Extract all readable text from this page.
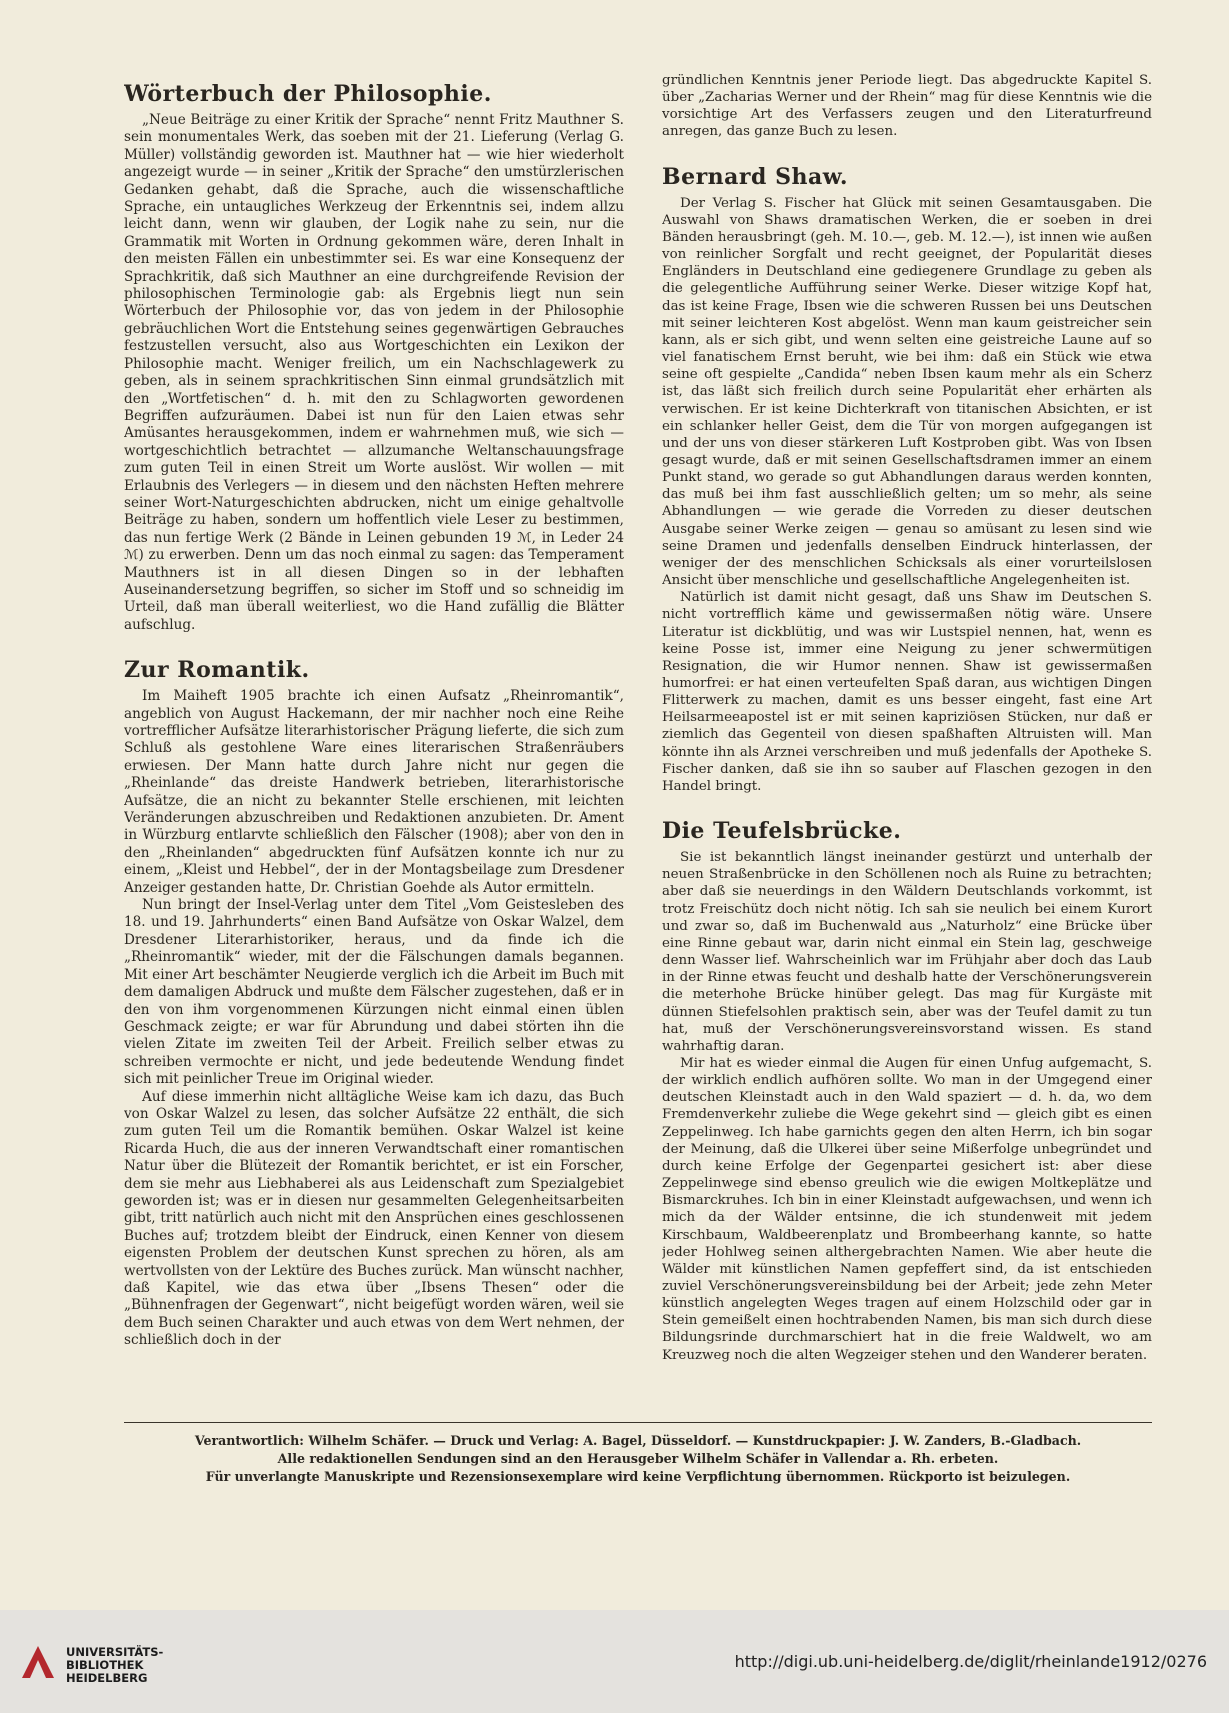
Wörterbuch der Philosophie.

S.
„Neue Beiträge zu einer Kritik der Sprache“ nennt Fritz Mauthner sein monumentales Werk, das soeben mit der 21. Lieferung (Verlag G. Müller) vollständig geworden ist. Mauthner hat — wie hier wiederholt angezeigt wurde — in seiner „Kritik der Sprache“ den umstürzlerischen Gedanken gehabt, daß die Sprache, auch die wissenschaftliche Sprache, ein untaugliches Werkzeug der Erkenntnis sei, indem allzu leicht dann, wenn wir glauben, der Logik nahe zu sein, nur die Grammatik mit Worten in Ordnung gekommen wäre, deren Inhalt in den meisten Fällen ein unbestimmter sei. Es war eine Konsequenz der Sprachkritik, daß sich Mauthner an eine durchgreifende Revision der philosophischen Terminologie gab: als Ergebnis liegt nun sein Wörterbuch der Philosophie vor, das von jedem in der Philosophie gebräuchlichen Wort die Entstehung seines gegenwärtigen Gebrauches festzustellen versucht, also aus Wortgeschichten ein Lexikon der Philosophie macht. Weniger freilich, um ein Nachschlagewerk zu geben, als in seinem sprachkritischen Sinn einmal grundsätzlich mit den „Wortfetischen“ d. h. mit den zu Schlagworten gewordenen Begriffen aufzuräumen. Dabei ist nun für den Laien etwas sehr Amüsantes herausgekommen, indem er wahrnehmen muß, wie sich — wortgeschichtlich betrachtet — allzumanche Weltanschauungsfrage zum guten Teil in einen Streit um Worte auslöst. Wir wollen — mit Erlaubnis des Verlegers — in diesem und den nächsten Heften mehrere seiner Wort-Naturgeschichten abdrucken, nicht um einige gehaltvolle Beiträge zu haben, sondern um hoffentlich viele Leser zu bestimmen, das nun fertige Werk (2 Bände in Leinen gebunden 19 ℳ, in Leder 24 ℳ) zu erwerben. Denn um das noch einmal zu sagen: das Temperament Mauthners ist in all diesen Dingen so in der lebhaften Auseinandersetzung begriffen, so sicher im Stoff und so schneidig im Urteil, daß man überall weiterliest, wo die Hand zufällig die Blätter aufschlug.

Zur Romantik.

Im Maiheft 1905 brachte ich einen Aufsatz „Rheinromantik“, angeblich von August Hackemann, der mir nachher noch eine Reihe vortrefflicher Aufsätze literarhistorischer Prägung lieferte, die sich zum Schluß als gestohlene Ware eines literarischen Straßenräubers erwiesen. Der Mann hatte durch Jahre nicht nur gegen die „Rheinlande“ das dreiste Handwerk betrieben, literarhistorische Aufsätze, die an nicht zu bekannter Stelle erschienen, mit leichten Veränderungen abzuschreiben und Redaktionen anzubieten. Dr. Ament in Würzburg entlarvte schließlich den Fälscher (1908); aber von den in den „Rheinlanden“ abgedruckten fünf Aufsätzen konnte ich nur zu einem, „Kleist und Hebbel“, der in der Montagsbeilage zum Dresdener Anzeiger gestanden hatte, Dr. Christian Goehde als Autor ermitteln.

Nun bringt der Insel-Verlag unter dem Titel „Vom Geistesleben des 18. und 19. Jahrhunderts“ einen Band Aufsätze von Oskar Walzel, dem Dresdener Literarhistoriker, heraus, und da finde ich die „Rheinromantik“ wieder, mit der die Fälschungen damals begannen. Mit einer Art beschämter Neugierde verglich ich die Arbeit im Buch mit dem damaligen Abdruck und mußte dem Fälscher zugestehen, daß er in den von ihm vorgenommenen Kürzungen nicht einmal einen üblen Geschmack zeigte; er war für Abrundung und dabei störten ihn die vielen Zitate im zweiten Teil der Arbeit. Freilich selber etwas zu schreiben vermochte er nicht, und jede bedeutende Wendung findet sich mit peinlicher Treue im Original wieder.

Auf diese immerhin nicht alltägliche Weise kam ich dazu, das Buch von Oskar Walzel zu lesen, das solcher Aufsätze 22 enthält, die sich zum guten Teil um die Romantik bemühen. Oskar Walzel ist keine Ricarda Huch, die aus der inneren Verwandtschaft einer romantischen Natur über die Blütezeit der Romantik berichtet, er ist ein Forscher, dem sie mehr aus Liebhaberei als aus Leidenschaft zum Spezialgebiet geworden ist; was er in diesen nur gesammelten Gelegenheitsarbeiten gibt, tritt natürlich auch nicht mit den Ansprüchen eines geschlossenen Buches auf; trotzdem bleibt der Eindruck, einen Kenner von diesem eigensten Problem der deutschen Kunst sprechen zu hören, als am wertvollsten von der Lektüre des Buches zurück. Man wünscht nachher, daß Kapitel, wie das etwa über „Ibsens Thesen“ oder die „Bühnenfragen der Gegenwart“, nicht beigefügt worden wären, weil sie dem Buch seinen Charakter und auch etwas von dem Wert nehmen, der schließlich doch in der

S.
gründlichen Kenntnis jener Periode liegt. Das abgedruckte Kapitel über „Zacharias Werner und der Rhein“ mag für diese Kenntnis wie die vorsichtige Art des Verfassers zeugen und den Literaturfreund anregen, das ganze Buch zu lesen.

Bernard Shaw.

Der Verlag S. Fischer hat Glück mit seinen Gesamtausgaben. Die Auswahl von Shaws dramatischen Werken, die er soeben in drei Bänden herausbringt (geh. M. 10.—, geb. M. 12.—), ist innen wie außen von reinlicher Sorgfalt und recht geeignet, der Popularität dieses Engländers in Deutschland eine gediegenere Grundlage zu geben als die gelegentliche Aufführung seiner Werke. Dieser witzige Kopf hat, das ist keine Frage, Ibsen wie die schweren Russen bei uns Deutschen mit seiner leichteren Kost abgelöst. Wenn man kaum geistreicher sein kann, als er sich gibt, und wenn selten eine geistreiche Laune auf so viel fanatischem Ernst beruht, wie bei ihm: daß ein Stück wie etwa seine oft gespielte „Candida“ neben Ibsen kaum mehr als ein Scherz ist, das läßt sich freilich durch seine Popularität eher erhärten als verwischen. Er ist keine Dichterkraft von titanischen Absichten, er ist ein schlanker heller Geist, dem die Tür von morgen aufgegangen ist und der uns von dieser stärkeren Luft Kostproben gibt. Was von Ibsen gesagt wurde, daß er mit seinen Gesellschaftsdramen immer an einem Punkt stand, wo gerade so gut Abhandlungen daraus werden konnten, das muß bei ihm fast ausschließlich gelten; um so mehr, als seine Abhandlungen — wie gerade die Vorreden zu dieser deutschen Ausgabe seiner Werke zeigen — genau so amüsant zu lesen sind wie seine Dramen und jedenfalls denselben Eindruck hinterlassen, der weniger der des menschlichen Schicksals als einer vorurteilslosen Ansicht über menschliche und gesellschaftliche Angelegenheiten ist.

S.
Natürlich ist damit nicht gesagt, daß uns Shaw im Deutschen nicht vortrefflich käme und gewissermaßen nötig wäre. Unsere Literatur ist dickblütig, und was wir Lustspiel nennen, hat, wenn es keine Posse ist, immer eine Neigung zu jener schwermütigen Resignation, die wir Humor nennen. Shaw ist gewissermaßen humorfrei: er hat einen verteufelten Spaß daran, aus wichtigen Dingen Flitterwerk zu machen, damit es uns besser eingeht, fast eine Art Heilsarmeeapostel ist er mit seinen kapriziösen Stücken, nur daß er ziemlich das Gegenteil von diesen spaßhaften Altruisten will. Man könnte ihn als Arznei verschreiben und muß jedenfalls der Apotheke S. Fischer danken, daß sie ihn so sauber auf Flaschen gezogen in den Handel bringt.

Die Teufelsbrücke.

Sie ist bekanntlich längst ineinander gestürzt und unterhalb der neuen Straßenbrücke in den Schöllenen noch als Ruine zu betrachten; aber daß sie neuerdings in den Wäldern Deutschlands vorkommt, ist trotz Freischütz doch nicht nötig. Ich sah sie neulich bei einem Kurort und zwar so, daß im Buchenwald aus „Naturholz“ eine Brücke über eine Rinne gebaut war, darin nicht einmal ein Stein lag, geschweige denn Wasser lief. Wahrscheinlich war im Frühjahr aber doch das Laub in der Rinne etwas feucht und deshalb hatte der Verschönerungsverein die meterhohe Brücke hinüber gelegt. Das mag für Kurgäste mit dünnen Stiefelsohlen praktisch sein, aber was der Teufel damit zu tun hat, muß der Verschönerungsvereinsvorstand wissen. Es stand wahrhaftig daran.

S.
Mir hat es wieder einmal die Augen für einen Unfug aufgemacht, der wirklich endlich aufhören sollte. Wo man in der Umgegend einer deutschen Kleinstadt auch in den Wald spaziert — d. h. da, wo dem Fremdenverkehr zuliebe die Wege gekehrt sind — gleich gibt es einen Zeppelinweg. Ich habe garnichts gegen den alten Herrn, ich bin sogar der Meinung, daß die Ulkerei über seine Mißerfolge unbegründet und durch keine Erfolge der Gegenpartei gesichert ist: aber diese Zeppelinwege sind ebenso greulich wie die ewigen Moltkeplätze und Bismarckruhes. Ich bin in einer Kleinstadt aufgewachsen, und wenn ich mich da der Wälder entsinne, die ich stundenweit mit jedem Kirschbaum, Waldbeerenplatz und Brombeerhang kannte, so hatte jeder Hohlweg seinen althergebrachten Namen. Wie aber heute die Wälder mit künstlichen Namen gepfeffert sind, da ist entschieden zuviel Verschönerungsvereinsbildung bei der Arbeit; jede zehn Meter künstlich angelegten Weges tragen auf einem Holzschild oder gar in Stein gemeißelt einen hochtrabenden Namen, bis man sich durch diese Bildungsrinde durchmarschiert hat in die freie Waldwelt, wo am Kreuzweg noch die alten Wegzeiger stehen und den Wanderer beraten.

Verantwortlich: Wilhelm Schäfer. — Druck und Verlag: A. Bagel, Düsseldorf. — Kunstdruckpapier: J. W. Zanders, B.-Gladbach.
Alle redaktionellen Sendungen sind an den Herausgeber Wilhelm Schäfer in Vallendar a. Rh. erbeten.
Für unverlangte Manuskripte und Rezensionsexemplare wird keine Verpflichtung übernommen. Rückporto ist beizulegen.
UNIVERSITÄTS-
BIBLIOTHEK
HEIDELBERG
http://digi.ub.uni-heidelberg.de/diglit/rheinlande1912/0276
